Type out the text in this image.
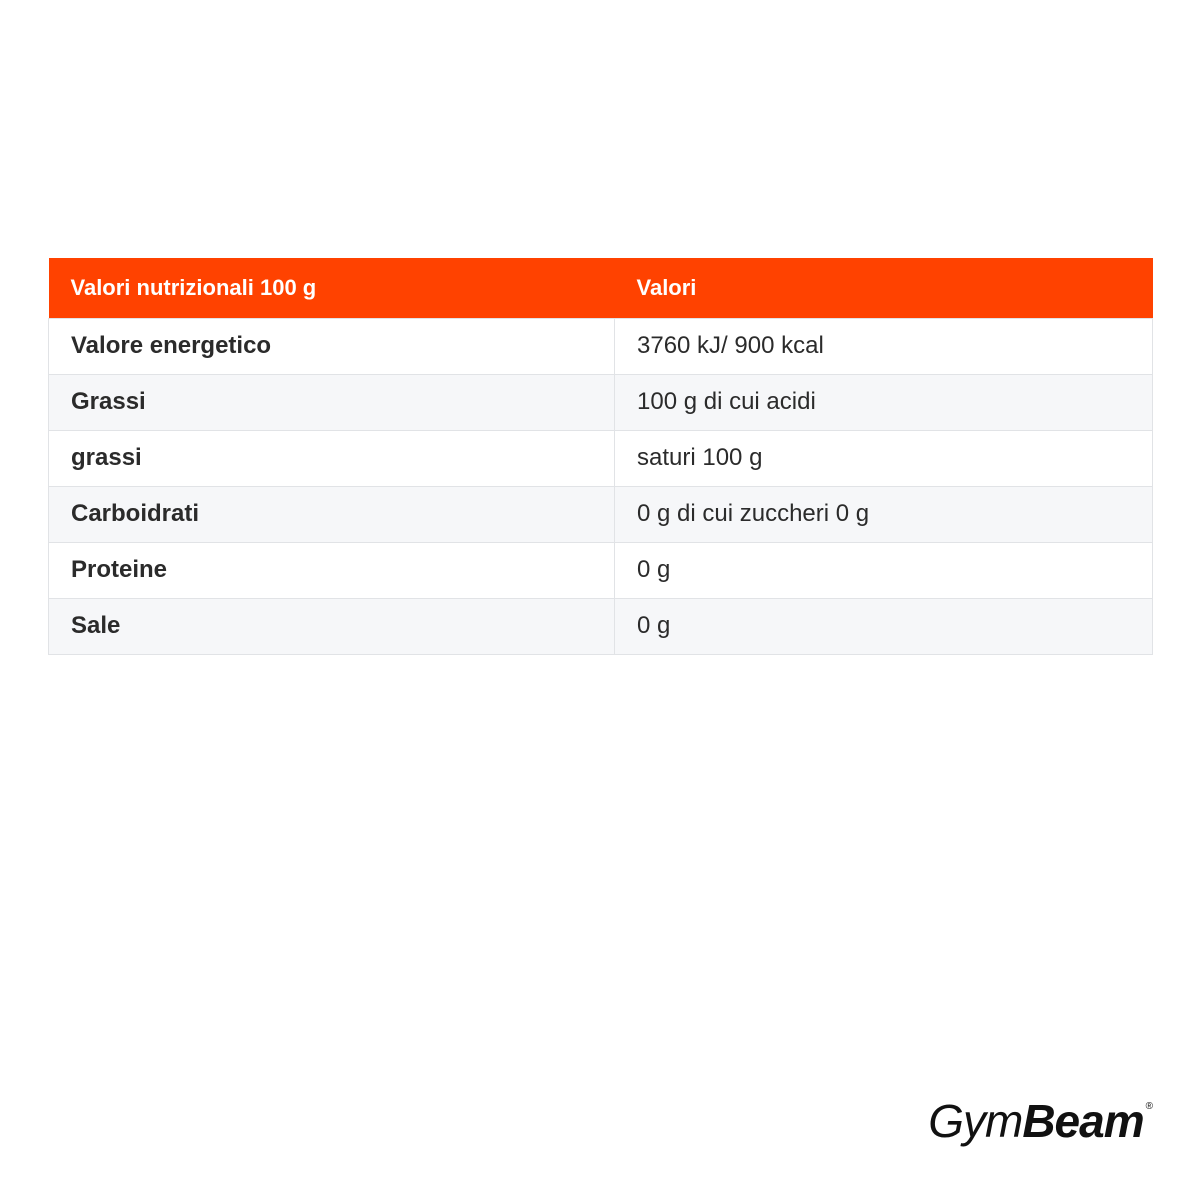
Valori nutrizionali 100 g	Valori
Valore energetico	3760 kJ/ 900 kcal
Grassi	100 g di cui acidi
grassi	saturi 100 g
Carboidrati	0 g di cui zuccheri 0 g
Proteine	0 g
Sale	0 g
Gym Beam ®
